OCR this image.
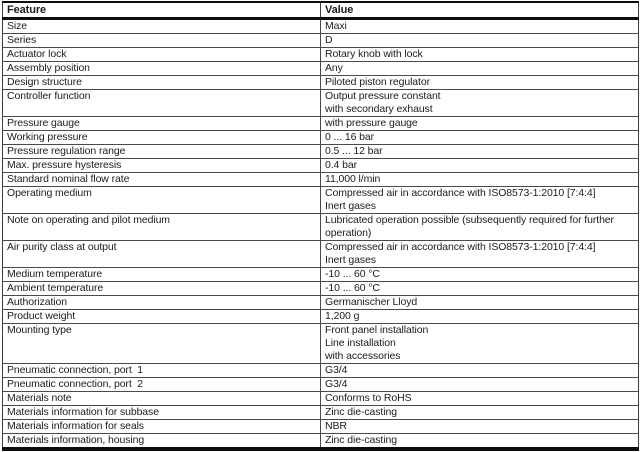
Feature	Value

Size	Maxi

Series	D

Actuator lock	Rotary knob with lock

Assembly position	Any

Design structure	Piloted piston regulator

Controller function	Output pressure constant
with secondary exhaust

Pressure gauge	with pressure gauge

Working pressure	0 ... 16 bar

Pressure regulation range	0.5 ... 12 bar

Max. pressure hysteresis	0.4 bar

Standard nominal flow rate	11,000 l/min

Operating medium	Compressed air in accordance with ISO8573-1:2010 [7:4:4]
Inert gases

Note on operating and pilot medium	Lubricated operation possible (subsequently required for further
operation)

Air purity class at output	Compressed air in accordance with ISO8573-1:2010 [7:4:4]
Inert gases

Medium temperature	-10 ... 60 °C

Ambient temperature	-10 ... 60 °C

Authorization	Germanischer Lloyd

Product weight	1,200 g

Mounting type	Front panel installation
Line installation
with accessories

Pneumatic connection, port  1	G3/4

Pneumatic connection, port  2	G3/4

Materials note	Conforms to RoHS

Materials information for subbase	Zinc die-casting

Materials information for seals	NBR

Materials information, housing	Zinc die-casting
